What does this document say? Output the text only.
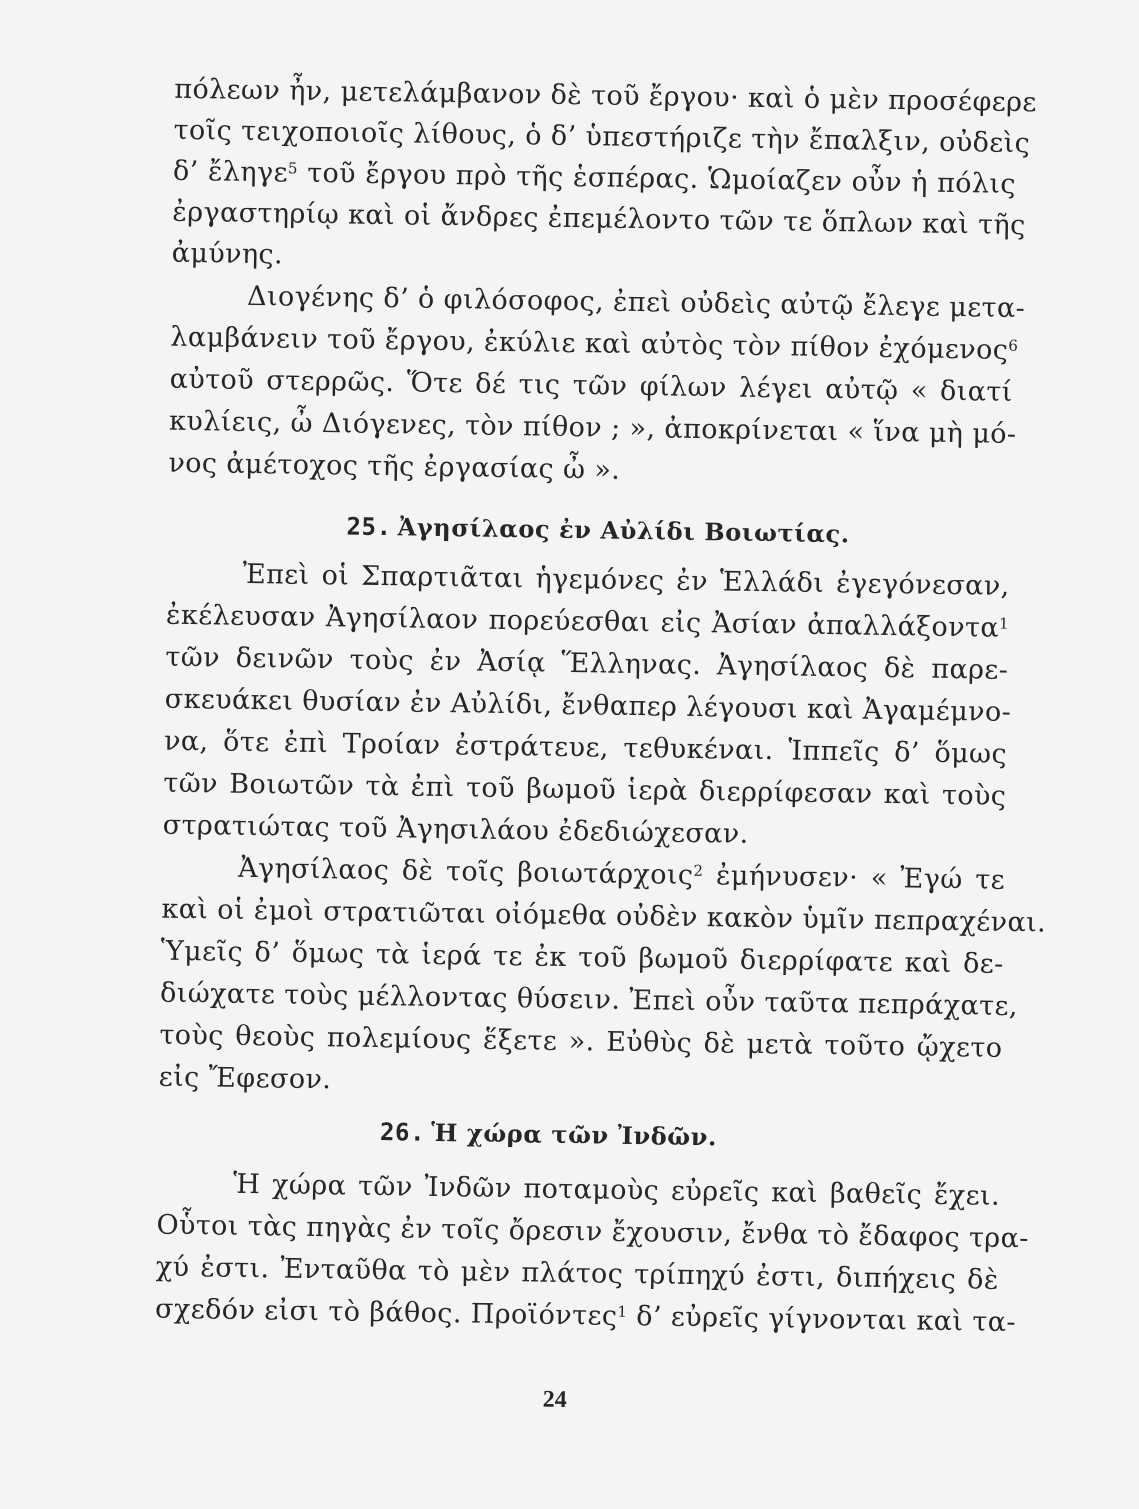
πόλεων ἦν, μετελάμβανον δὲ τοῦ ἔργου· καὶ ὁ μὲν προσέφερε
τοῖς τειχοποιοῖς λίθους, ὁ δ’ ὑπεστήριζε τὴν ἔπαλξιν, οὐδεὶς
δ’ ἔληγε$^5$ τοῦ ἔργου πρὸ τῆς ἑσπέρας. Ὡμοίαζεν οὖν ἡ πόλις
ἐργαστηρίῳ καὶ οἱ ἄνδρες ἐπεμέλοντο τῶν τε ὅπλων καὶ τῆς
ἀμύνης.
Διογένης δ’ ὁ φιλόσοφος, ἐπεὶ οὐδεὶς αὐτῷ ἔλεγε μετα-
λαμβάνειν τοῦ ἔργου, ἐκύλιε καὶ αὐτὸς τὸν πίθον ἐχόμενος$^6$
αὐτοῦ στερρῶς. Ὅτε δέ τις τῶν φίλων λέγει αὐτῷ « διατί
κυλίεις, ὦ Διόγενες, τὸν πίθον ; », ἀποκρίνεται « ἵνα μὴ μό-
νος ἀμέτοχος τῆς ἐργασίας ὦ ».
25. Ἀγησίλαος ἐν Αὐλίδι Βοιωτίας.
Ἐπεὶ οἱ Σπαρτιᾶται ἡγεμόνες ἐν Ἑλλάδι ἐγεγόνεσαν,
ἐκέλευσαν Ἀγησίλαον πορεύεσθαι εἰς Ἀσίαν ἀπαλλάξοντα$^1$
τῶν δεινῶν τοὺς ἐν Ἀσίᾳ Ἕλληνας. Ἀγησίλαος δὲ παρε-
σκευάκει θυσίαν ἐν Αὐλίδι, ἔνθαπερ λέγουσι καὶ Ἀγαμέμνο-
να, ὅτε ἐπὶ Τροίαν ἐστράτευε, τεθυκέναι. Ἱππεῖς δ’ ὅμως
τῶν Βοιωτῶν τὰ ἐπὶ τοῦ βωμοῦ ἱερὰ διερρίφεσαν καὶ τοὺς
στρατιώτας τοῦ Ἀγησιλάου ἐδεδιώχεσαν.
Ἀγησίλαος δὲ τοῖς βοιωτάρχοις$^2$ ἐμήνυσεν· « Ἐγώ τε
καὶ οἱ ἐμοὶ στρατιῶται οἰόμεθα οὐδὲν κακὸν ὑμῖν πεπραχέναι.
Ὑμεῖς δ’ ὅμως τὰ ἱερά τε ἐκ τοῦ βωμοῦ διερρίφατε καὶ δε-
διώχατε τοὺς μέλλοντας θύσειν. Ἐπεὶ οὖν ταῦτα πεπράχατε,
τοὺς θεοὺς πολεμίους ἕξετε ». Εὐθὺς δὲ μετὰ τοῦτο ᾤχετο
εἰς Ἔφεσον.
26. Ἡ χώρα τῶν Ἰνδῶν.
Ἡ χώρα τῶν Ἰνδῶν ποταμοὺς εὐρεῖς καὶ βαθεῖς ἔχει.
Οὗτοι τὰς πηγὰς ἐν τοῖς ὄρεσιν ἔχουσιν, ἔνθα τὸ ἔδαφος τρα-
χύ ἐστι. Ἐνταῦθα τὸ μὲν πλάτος τρίπηχύ ἐστι, διπήχεις δὲ
σχεδόν εἰσι τὸ βάθος. Προϊόντες$^1$ δ’ εὐρεῖς γίγνονται καὶ τα-
24
